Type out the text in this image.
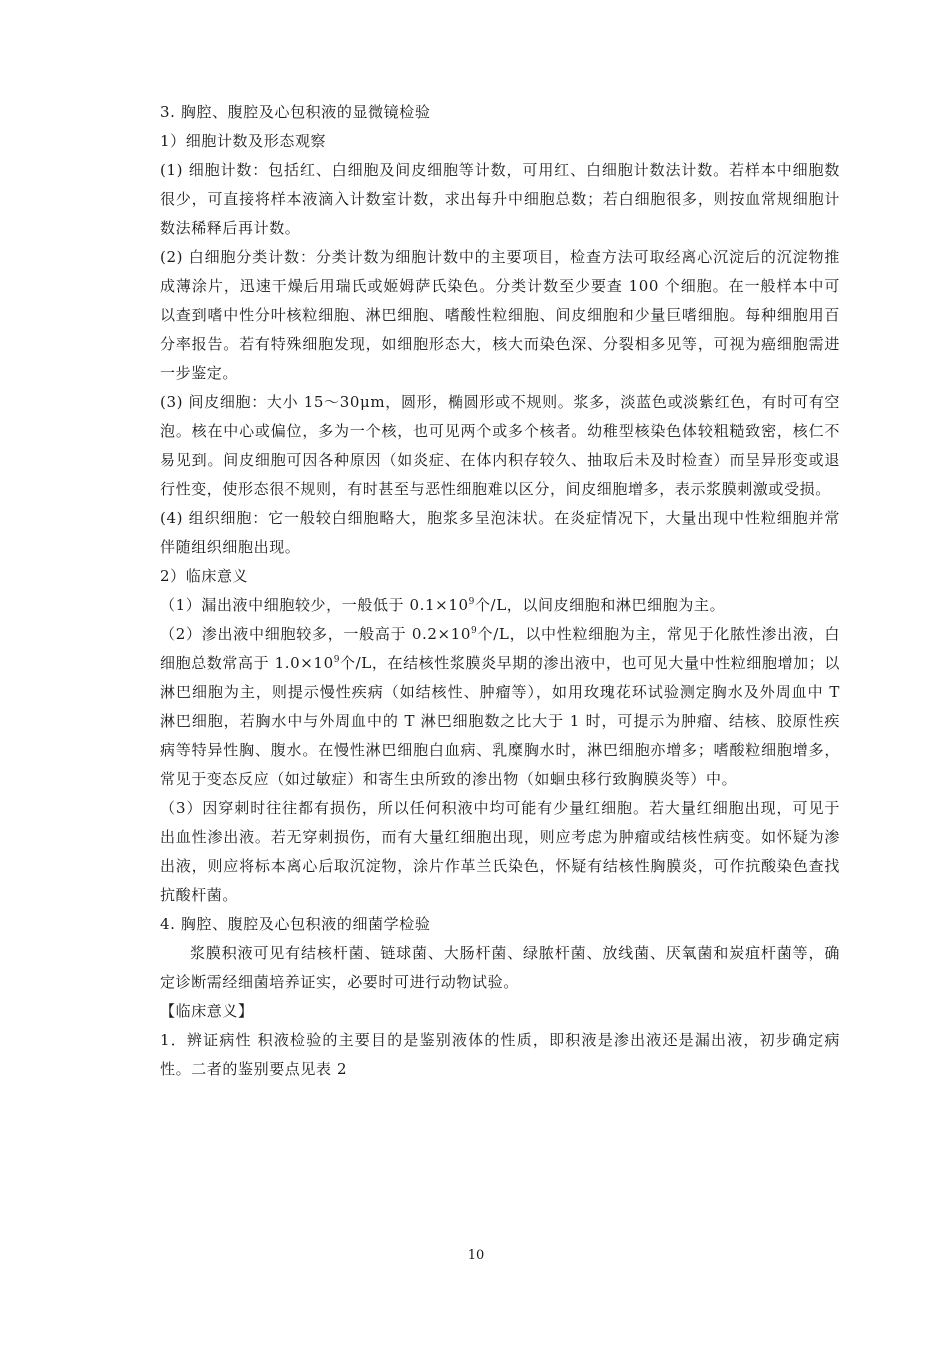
3. 胸腔、腹腔及心包积液的显微镜检验

1）细胞计数及形态观察

(1) 细胞计数：包括红、白细胞及间皮细胞等计数，可用红、白细胞计数法计数。若样本中细胞数很少，可直接将样本液滴入计数室计数，求出每升中细胞总数；若白细胞很多，则按血常规细胞计数法稀释后再计数。

(2) 白细胞分类计数：分类计数为细胞计数中的主要项目，检查方法可取经离心沉淀后的沉淀物推成薄涂片，迅速干燥后用瑞氏或姬姆萨氏染色。分类计数至少要查 100 个细胞。在一般样本中可以查到嗜中性分叶核粒细胞、淋巴细胞、嗜酸性粒细胞、间皮细胞和少量巨嗜细胞。每种细胞用百分率报告。若有特殊细胞发现，如细胞形态大，核大而染色深、分裂相多见等，可视为癌细胞需进一步鉴定。

(3) 间皮细胞：大小 15～30μm，圆形，椭圆形或不规则。浆多，淡蓝色或淡紫红色，有时可有空泡。核在中心或偏位，多为一个核，也可见两个或多个核者。幼稚型核染色体较粗糙致密，核仁不易见到。间皮细胞可因各种原因（如炎症、在体内积存较久、抽取后未及时检查）而呈异形变或退行性变，使形态很不规则，有时甚至与恶性细胞难以区分，间皮细胞增多，表示浆膜刺激或受损。

(4) 组织细胞：它一般较白细胞略大，胞浆多呈泡沫状。在炎症情况下，大量出现中性粒细胞并常伴随组织细胞出现。

2）临床意义

（1）漏出液中细胞较少，一般低于 $0.1\times 10^9$个/L，以间皮细胞和淋巴细胞为主。

（2）渗出液中细胞较多，一般高于 $0.2\times 10^9$个/L，以中性粒细胞为主，常见于化脓性渗出液，白细胞总数常高于 $1.0\times 10^9$个/L，在结核性浆膜炎早期的渗出液中，也可见大量中性粒细胞增加；以淋巴细胞为主，则提示慢性疾病（如结核性、肿瘤等），如用玫瑰花环试验测定胸水及外周血中 T 淋巴细胞，若胸水中与外周血中的 T 淋巴细胞数之比大于 1 时，可提示为肿瘤、结核、胶原性疾病等特异性胸、腹水。在慢性淋巴细胞白血病、乳糜胸水时，淋巴细胞亦增多；嗜酸粒细胞增多，常见于变态反应（如过敏症）和寄生虫所致的渗出物（如蛔虫移行致胸膜炎等）中。

（3）因穿刺时往往都有损伤，所以任何积液中均可能有少量红细胞。若大量红细胞出现，可见于出血性渗出液。若无穿刺损伤，而有大量红细胞出现，则应考虑为肿瘤或结核性病变。如怀疑为渗出液，则应将标本离心后取沉淀物，涂片作革兰氏染色，怀疑有结核性胸膜炎，可作抗酸染色查找抗酸杆菌。

4. 胸腔、腹腔及心包积液的细菌学检验

浆膜积液可见有结核杆菌、链球菌、大肠杆菌、绿脓杆菌、放线菌、厌氧菌和炭疽杆菌等，确定诊断需经细菌培养证实，必要时可进行动物试验。

【临床意义】

1．辨证病性 积液检验的主要目的是鉴别液体的性质，即积液是渗出液还是漏出液，初步确定病性。二者的鉴别要点见表 2

10
